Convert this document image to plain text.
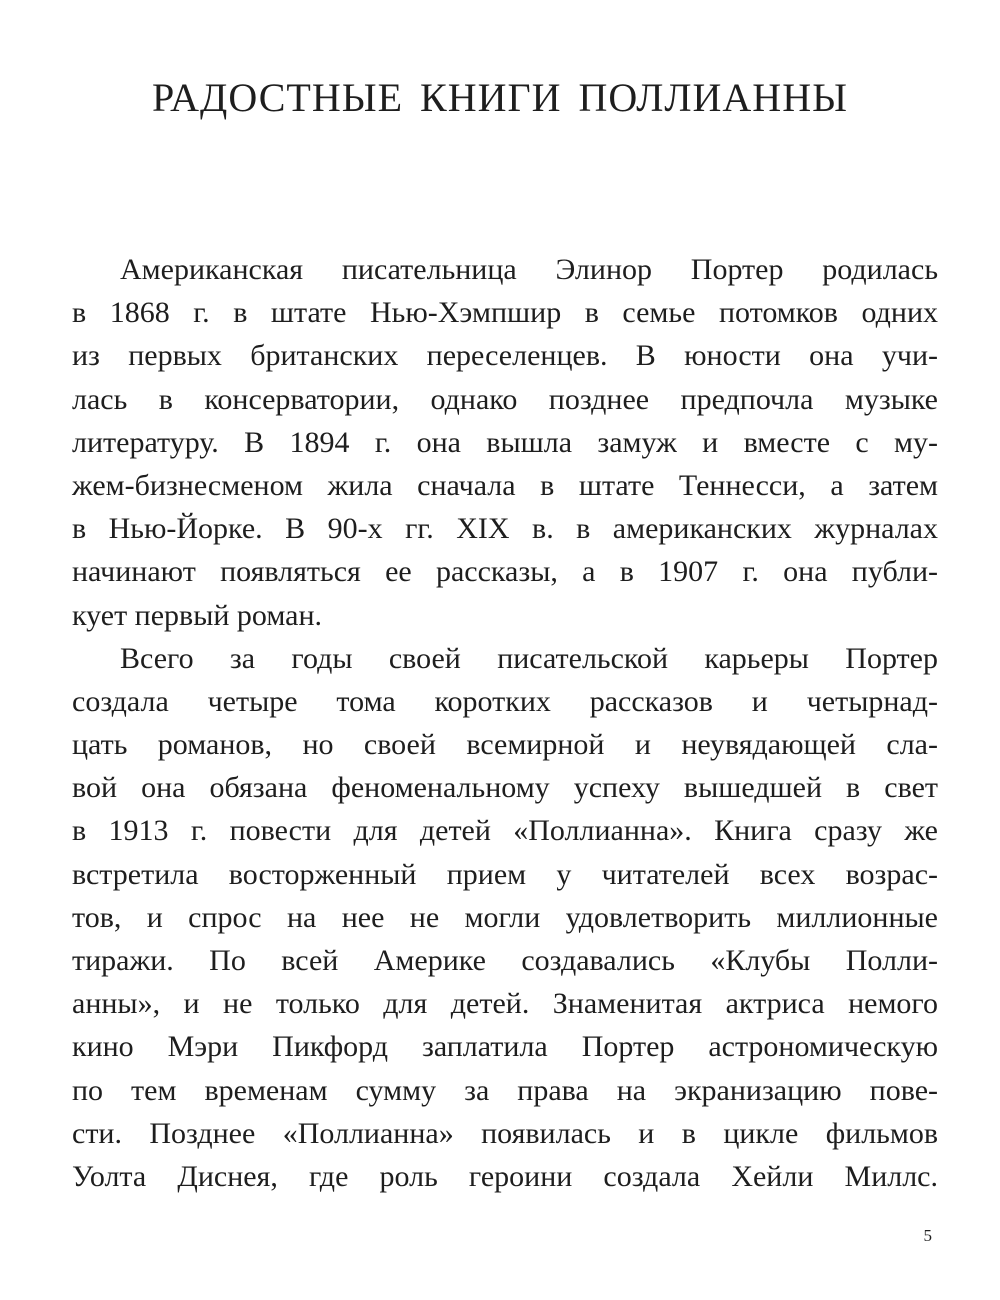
РАДОСТНЫЕ КНИГИ ПОЛЛИАННЫ
Американская писательница Элинор Портер родилась
в 1868 г. в штате Нью-Хэмпшир в семье потомков одних
из первых британских переселенцев. В юности она учи-
лась в консерватории, однако позднее предпочла музыке
литературу. В 1894 г. она вышла замуж и вместе с му-
жем-бизнесменом жила сначала в штате Теннесси, а затем
в Нью-Йорке. В 90-х гг. XIX в. в американских журналах
начинают появляться ее рассказы, а в 1907 г. она публи-
кует первый роман.
Всего за годы своей писательской карьеры Портер
создала четыре тома коротких рассказов и четырнад-
цать романов, но своей всемирной и неувядающей сла-
вой она обязана феноменальному успеху вышедшей в свет
в 1913 г. повести для детей «Поллианна». Книга сразу же
встретила восторженный прием у читателей всех возрас-
тов, и спрос на нее не могли удовлетворить миллионные
тиражи. По всей Америке создавались «Клубы Полли-
анны», и не только для детей. Знаменитая актриса немого
кино Мэри Пикфорд заплатила Портер астрономическую
по тем временам сумму за права на экранизацию пове-
сти. Позднее «Поллианна» появилась и в цикле фильмов
Уолта Диснея, где роль героини создала Хейли Миллс.
5
